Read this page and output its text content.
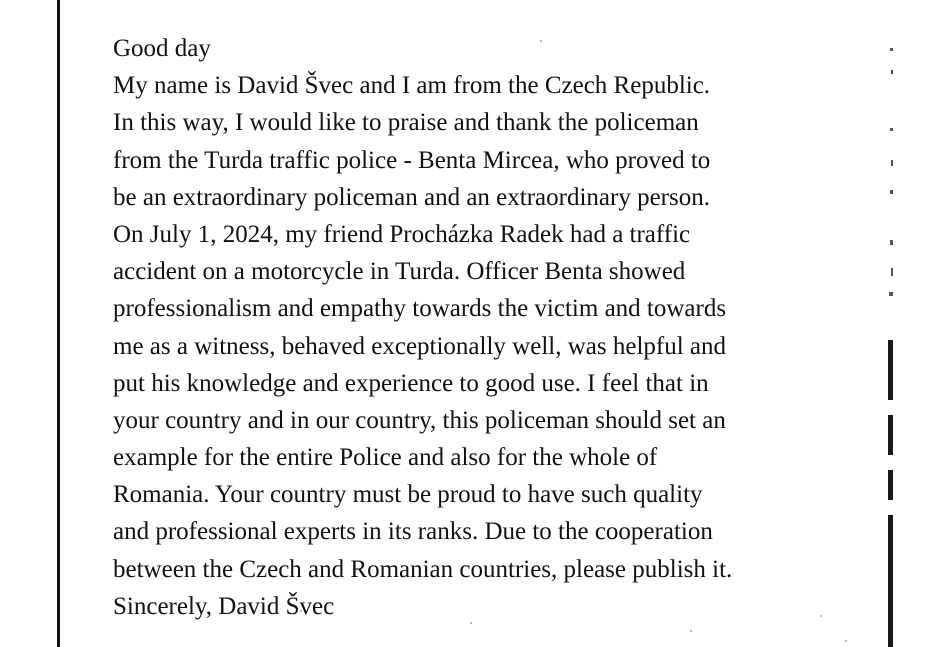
Good day
My name is David Švec and I am from the Czech Republic.
In this way, I would like to praise and thank the policeman
from the Turda traffic police - Benta Mircea, who proved to
be an extraordinary policeman and an extraordinary person.
On July 1, 2024, my friend Procházka Radek had a traffic
accident on a motorcycle in Turda. Officer Benta showed
professionalism and empathy towards the victim and towards
me as a witness, behaved exceptionally well, was helpful and
put his knowledge and experience to good use. I feel that in
your country and in our country, this policeman should set an
example for the entire Police and also for the whole of
Romania. Your country must be proud to have such quality
and professional experts in its ranks. Due to the cooperation
between the Czech and Romanian countries, please publish it.
Sincerely, David Švec
